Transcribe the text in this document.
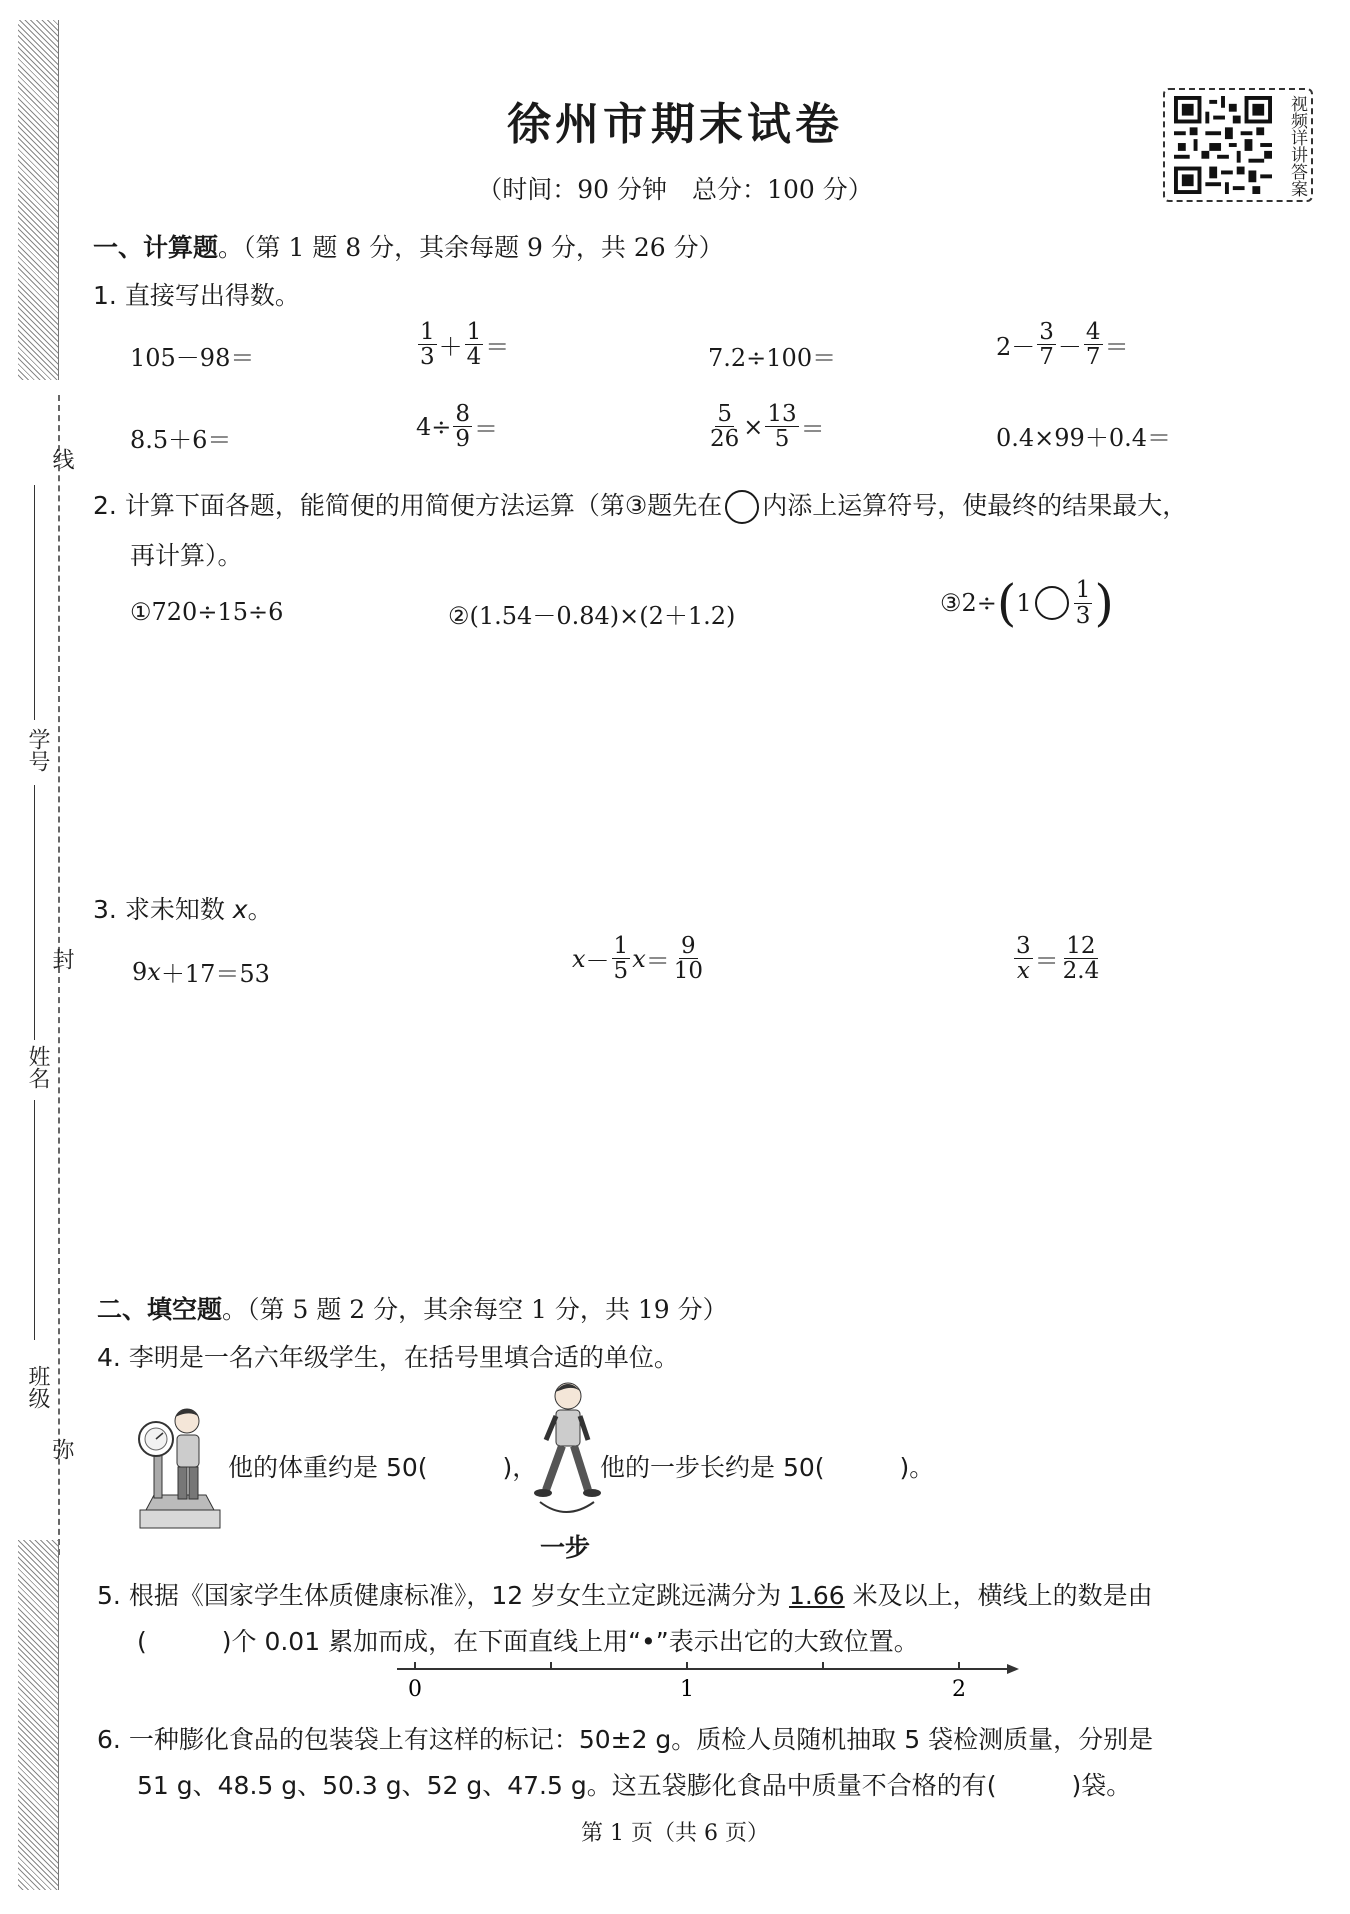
线
学号
封
姓名
班级
弥
徐州市期末试卷
（时间：90 分钟　总分：100 分）	视频详讲答案
一、计算题。（第 1 题 8 分，其余每题 9 分，共 26 分）
1. 直接写出得数。
105－98＝	$\frac{1}{3} + \frac{1}{4}$ ＝	7.2÷100＝	$2- \frac{3}{7} - \frac{4}{7}$ ＝
8.5＋6＝	$4\div \frac{8}{9}$ ＝	$\frac{5}{26} \times \frac{13}{5}$ ＝	0.4×99＋0.4＝
2. 计算下面各题，能简便的用简便方法运算（第③题先在 内添上运算符号，使最终的结果最大，
再计算）。
①720÷15÷6	②(1.54－0.84)×(2＋1.2)	③2÷ ( $1 \frac{1}{3}$ )
3. 求未知数 x。
9 x ＋17＝53
$x - \frac{1}{5}$ $x = \frac{9}{10}$	$\frac{3}{x} = \frac{12}{2.4}$
二、填空题。（第 5 题 2 分，其余每空 1 分，共 19 分）
4. 李明是一名六年级学生，在括号里填合适的单位。
他的体重约是 50(　　　)，
一步
他的一步长约是 50(　　　)。
5. 根据《国家学生体质健康标准》，12 岁女生立定跳远满分为 1.66 米及以上，横线上的数是由
(　　　)个 0.01 累加而成，在下面直线上用“•”表示出它的大致位置。
0	1	2
6. 一种膨化食品的包装袋上有这样的标记：50±2 g。质检人员随机抽取 5 袋检测质量，分别是
51 g、48.5 g、50.3 g、52 g、47.5 g。这五袋膨化食品中质量不合格的有(　　　)袋。
第 1 页（共 6 页）
